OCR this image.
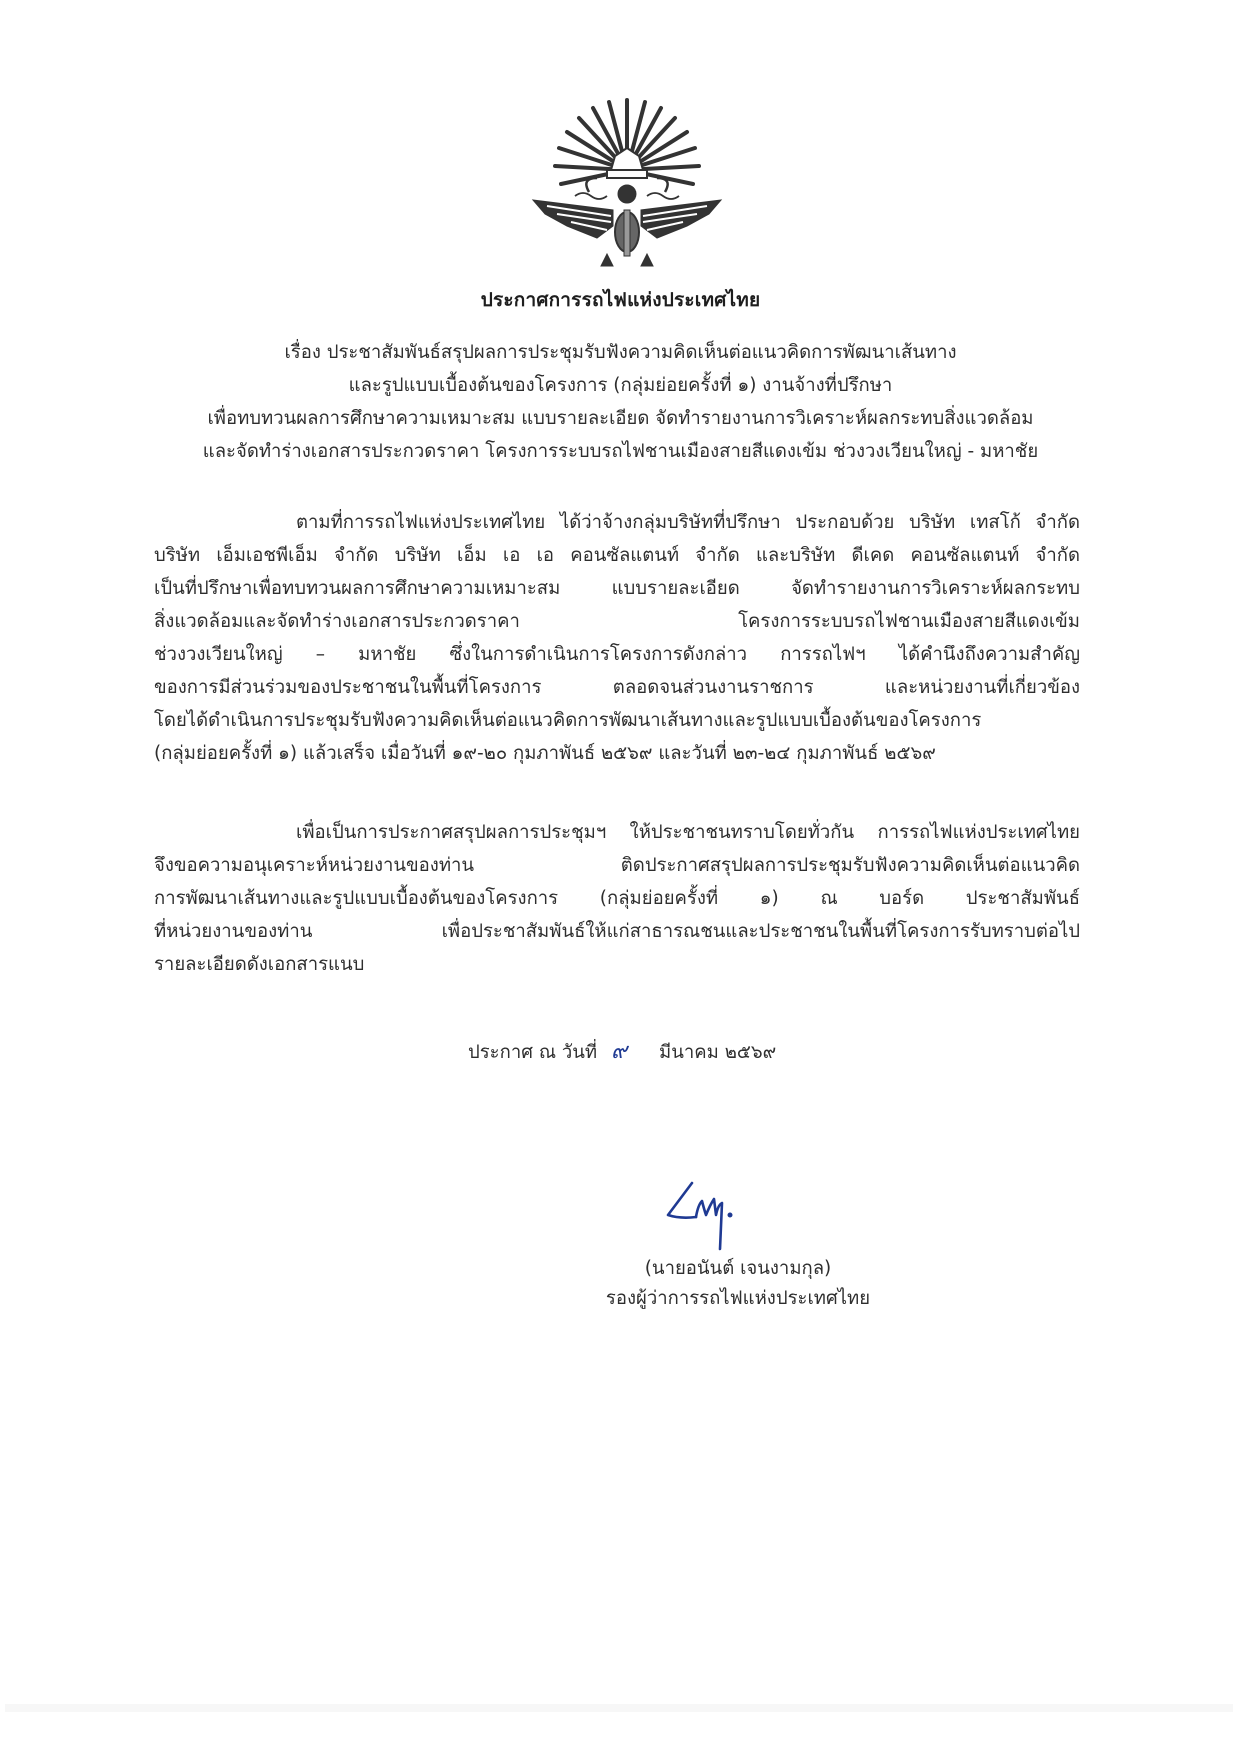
ประกาศการรถไฟแห่งประเทศไทย
เรื่อง ประชาสัมพันธ์สรุปผลการประชุมรับฟังความคิดเห็นต่อแนวคิดการพัฒนาเส้นทาง
และรูปแบบเบื้องต้นของโครงการ (กลุ่มย่อยครั้งที่ ๑) งานจ้างที่ปรึกษา
เพื่อทบทวนผลการศึกษาความเหมาะสม แบบรายละเอียด จัดทำรายงานการวิเคราะห์ผลกระทบสิ่งแวดล้อม
และจัดทำร่างเอกสารประกวดราคา โครงการระบบรถไฟชานเมืองสายสีแดงเข้ม ช่วงวงเวียนใหญ่ - มหาชัย
ตามที่การรถไฟแห่งประเทศไทย ได้ว่าจ้างกลุ่มบริษัทที่ปรึกษา ประกอบด้วย บริษัท เทสโก้ จำกัด
บริษัท เอ็มเอชพีเอ็ม จำกัด บริษัท เอ็ม เอ เอ คอนซัลแตนท์ จำกัด และบริษัท ดีเคด คอนซัลแตนท์ จำกัด
เป็นที่ปรึกษาเพื่อทบทวนผลการศึกษาความเหมาะสม แบบรายละเอียด จัดทำรายงานการวิเคราะห์ผลกระทบ
สิ่งแวดล้อมและจัดทำร่างเอกสารประกวดราคา โครงการระบบรถไฟชานเมืองสายสีแดงเข้ม
ช่วงวงเวียนใหญ่ – มหาชัย ซึ่งในการดำเนินการโครงการดังกล่าว การรถไฟฯ ได้คำนึงถึงความสำคัญ
ของการมีส่วนร่วมของประชาชนในพื้นที่โครงการ ตลอดจนส่วนงานราชการ และหน่วยงานที่เกี่ยวข้อง
โดยได้ดำเนินการประชุมรับฟังความคิดเห็นต่อแนวคิดการพัฒนาเส้นทางและรูปแบบเบื้องต้นของโครงการ
(กลุ่มย่อยครั้งที่ ๑) แล้วเสร็จ เมื่อวันที่ ๑๙-๒๐ กุมภาพันธ์ ๒๕๖๙ และวันที่ ๒๓-๒๔ กุมภาพันธ์ ๒๕๖๙
เพื่อเป็นการประกาศสรุปผลการประชุมฯ ให้ประชาชนทราบโดยทั่วกัน การรถไฟแห่งประเทศไทย
จึงขอความอนุเคราะห์หน่วยงานของท่าน ติดประกาศสรุปผลการประชุมรับฟังความคิดเห็นต่อแนวคิด
การพัฒนาเส้นทางและรูปแบบเบื้องต้นของโครงการ (กลุ่มย่อยครั้งที่ ๑) ณ บอร์ด ประชาสัมพันธ์
ที่หน่วยงานของท่าน เพื่อประชาสัมพันธ์ให้แก่สาธารณชนและประชาชนในพื้นที่โครงการรับทราบต่อไป
รายละเอียดดังเอกสารแนบ
ประกาศ ณ วันที่ ๙ มีนาคม ๒๕๖๙
(นายอนันต์ เจนงามกุล)
รองผู้ว่าการรถไฟแห่งประเทศไทย
